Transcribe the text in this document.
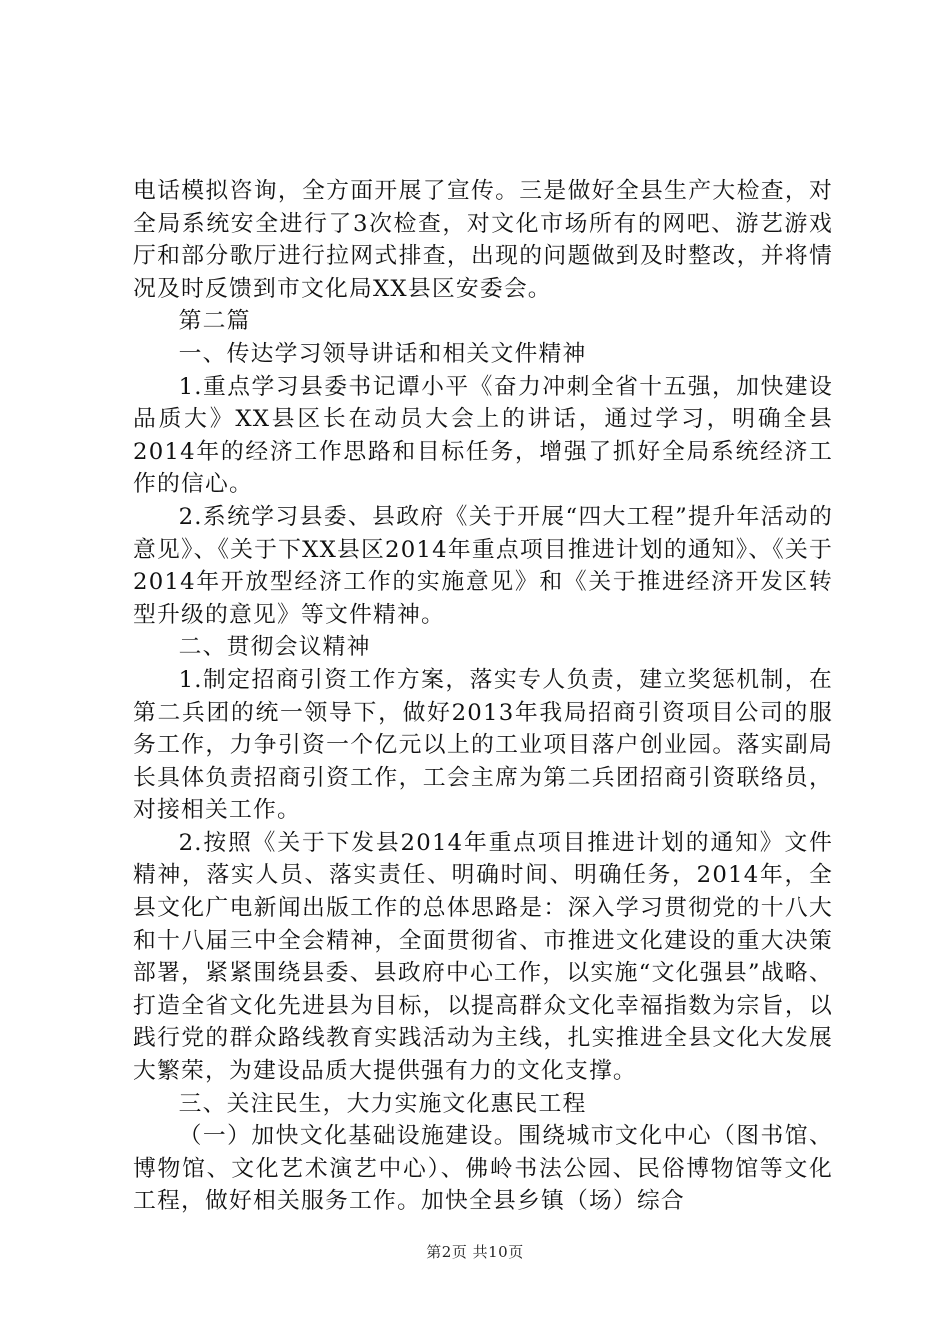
电话模拟咨询，全方面开展了宣传。三是做好全县生产大检查，对全局系统安全进行了3次检查，对文化市场所有的网吧、游艺游戏厅和部分歌厅进行拉网式排查，出现的问题做到及时整改，并将情况及时反馈到市文化局XX县区安委会。

第二篇

一、传达学习领导讲话和相关文件精神

1.重点学习县委书记谭小平《奋力冲刺全省十五强，加快建设品质大》XX县区长在动员大会上的讲话，通过学习，明确全县2014年的经济工作思路和目标任务，增强了抓好全局系统经济工作的信心。

2.系统学习县委、县政府《关于开展“四大工程”提升年活动的意见》、《关于下XX县区2014年重点项目推进计划的通知》、《关于2014年开放型经济工作的实施意见》和《关于推进经济开发区转型升级的意见》等文件精神。

二、贯彻会议精神

1.制定招商引资工作方案，落实专人负责，建立奖惩机制，在第二兵团的统一领导下，做好2013年我局招商引资项目公司的服务工作，力争引资一个亿元以上的工业项目落户创业园。落实副局长具体负责招商引资工作，工会主席为第二兵团招商引资联络员，对接相关工作。

2.按照《关于下发县2014年重点项目推进计划的通知》文件精神，落实人员、落实责任、明确时间、明确任务，2014年，全县文化广电新闻出版工作的总体思路是：深入学习贯彻党的十八大和十八届三中全会精神，全面贯彻省、市推进文化建设的重大决策部署，紧紧围绕县委、县政府中心工作，以实施“文化强县”战略、打造全省文化先进县为目标，以提高群众文化幸福指数为宗旨，以践行党的群众路线教育实践活动为主线，扎实推进全县文化大发展大繁荣，为建设品质大提供强有力的文化支撑。

三、关注民生，大力实施文化惠民工程

（一）加快文化基础设施建设。围绕城市文化中心（图书馆、博物馆、文化艺术演艺中心）、佛岭书法公园、民俗博物馆等文化工程，做好相关服务工作。加快全县乡镇（场）综合

第2页 共10页
